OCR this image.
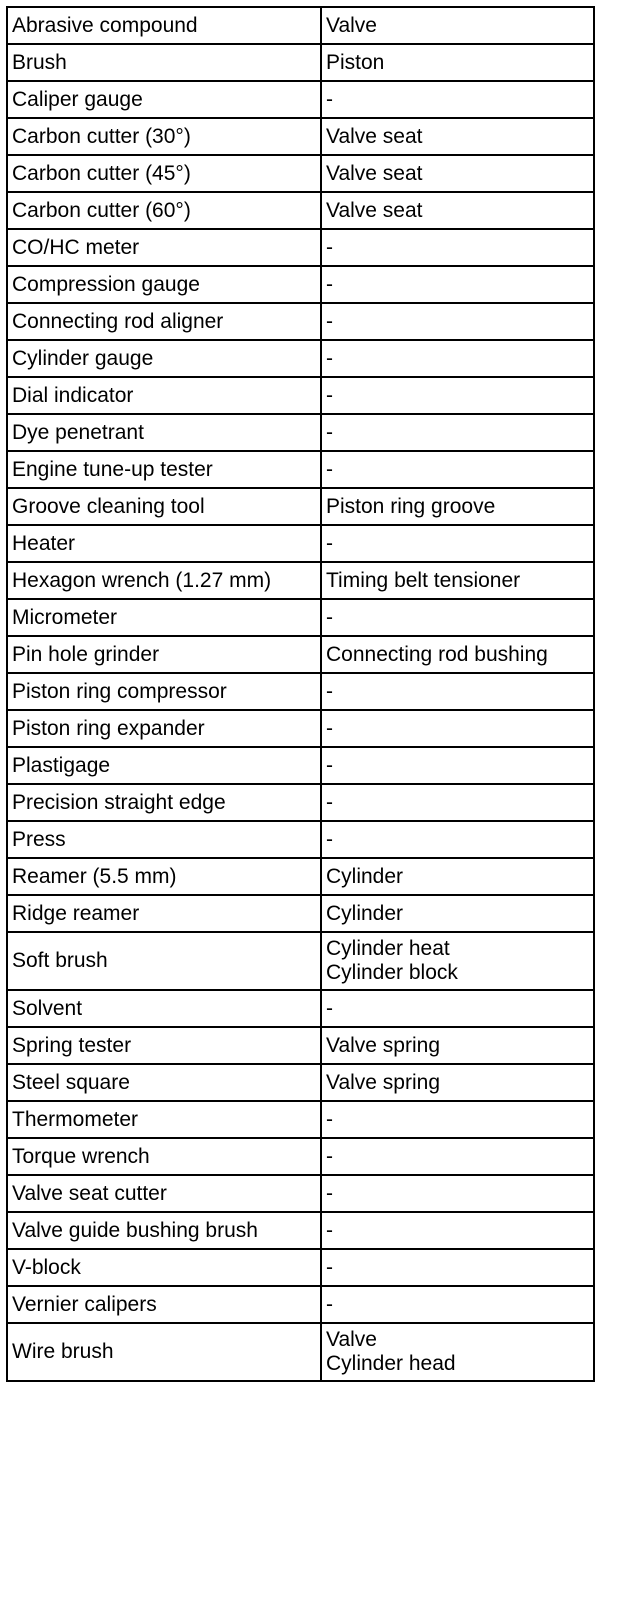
Abrasive compound	Valve

Brush	Piston

Caliper gauge	-

Carbon cutter (30°)	Valve seat

Carbon cutter (45°)	Valve seat

Carbon cutter (60°)	Valve seat

CO/HC meter	-

Compression gauge	-

Connecting rod aligner	-

Cylinder gauge	-

Dial indicator	-

Dye penetrant	-

Engine tune-up tester	-

Groove cleaning tool	Piston ring groove

Heater	-

Hexagon wrench (1.27 mm)	Timing belt tensioner

Micrometer	-

Pin hole grinder	Connecting rod bushing

Piston ring compressor	-

Piston ring expander	-

Plastigage	-

Precision straight edge	-

Press	-

Reamer (5.5 mm)	Cylinder

Ridge reamer	Cylinder

Soft brush	Cylinder heat
Cylinder block

Solvent	-

Spring tester	Valve spring

Steel square	Valve spring

Thermometer	-

Torque wrench	-

Valve seat cutter	-

Valve guide bushing brush	-

V-block	-

Vernier calipers	-

Wire brush	Valve
Cylinder head
